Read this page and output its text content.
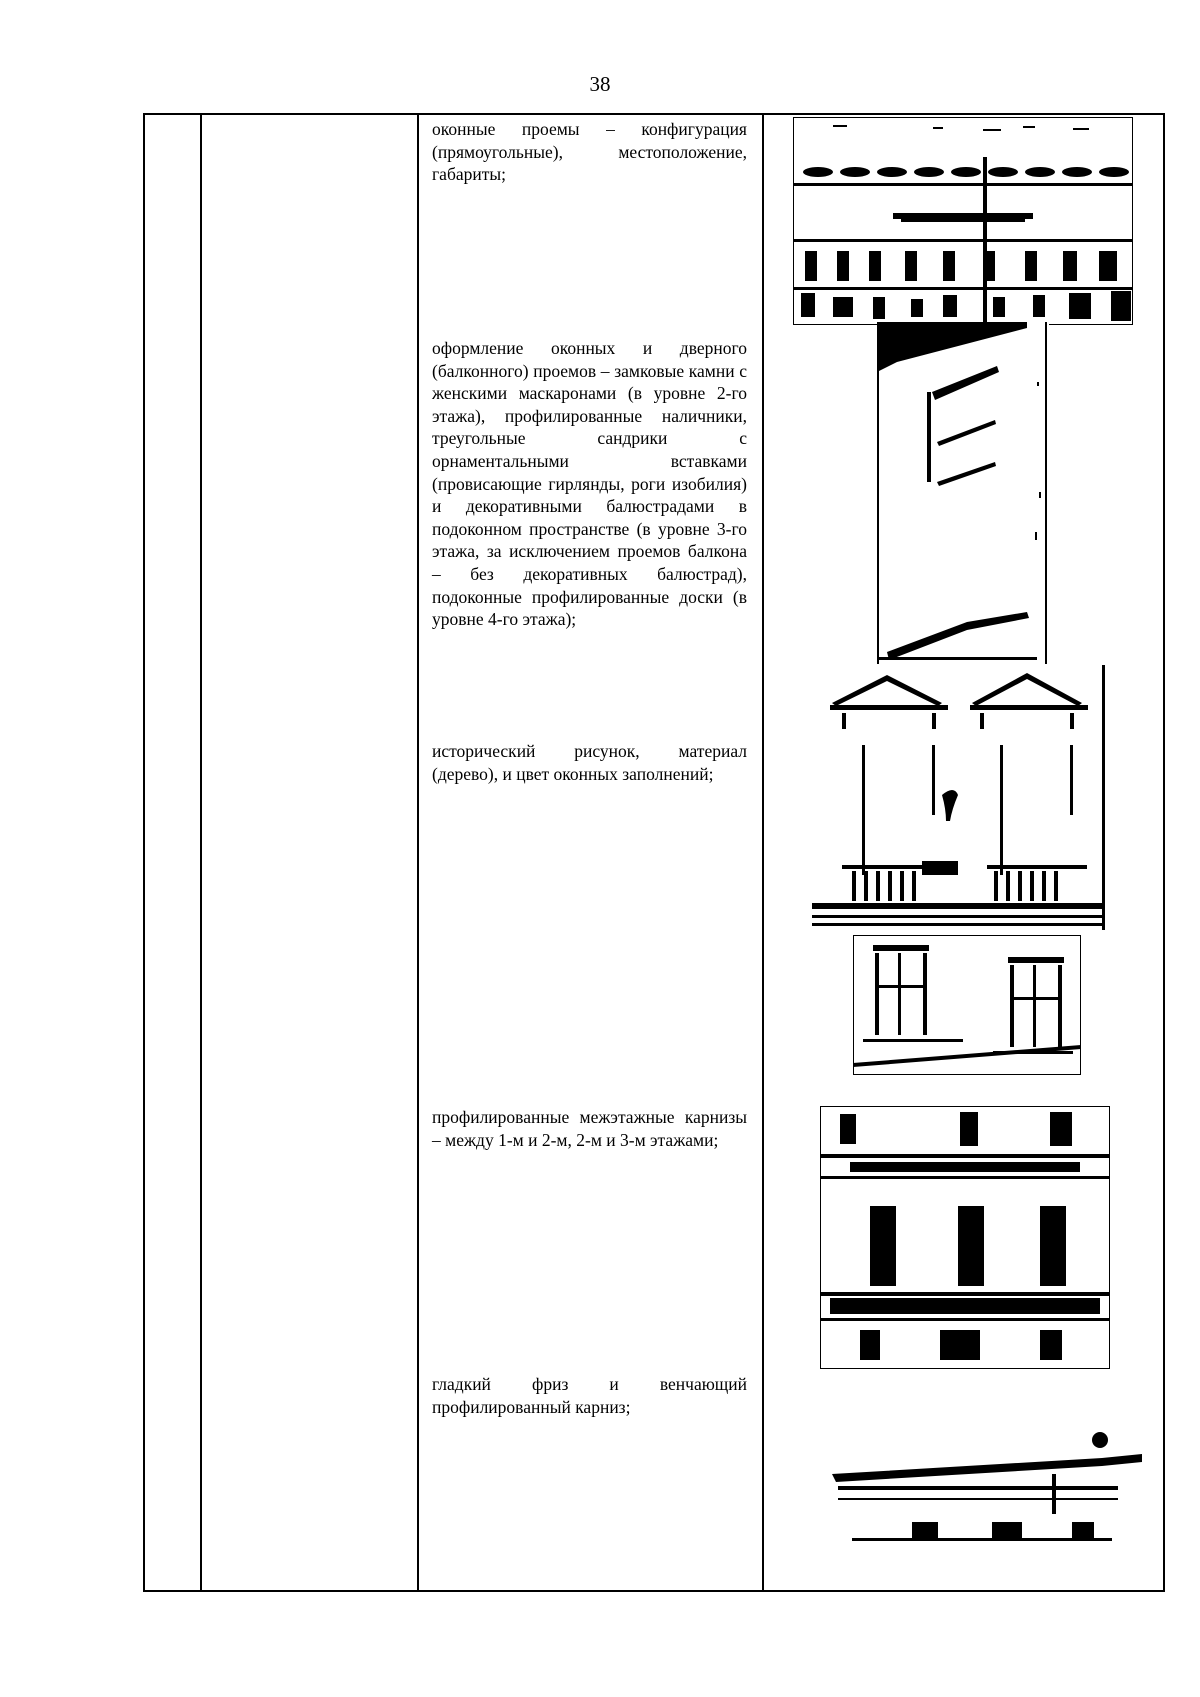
38
оконные проемы – конфигурация (прямоугольные), местоположение, габариты;
оформление оконных и дверного (балконного) проемов – замковые камни с женскими маскаронами (в уровне 2-го этажа), профилированные наличники, треугольные сандрики с орнаментальными вставками (провисающие гирлянды, роги изобилия) и декоративными балюстрадами в подоконном пространстве (в уровне 3-го этажа, за исключением проемов балкона – без декоративных балюстрад), подоконные профилированные доски (в уровне 4-го этажа);
исторический рисунок, материал (дерево), и цвет оконных заполнений;
профилированные межэтажные карнизы – между 1-м и 2-м, 2-м и 3-м этажами;
гладкий фриз и венчающий профилированный карниз;
